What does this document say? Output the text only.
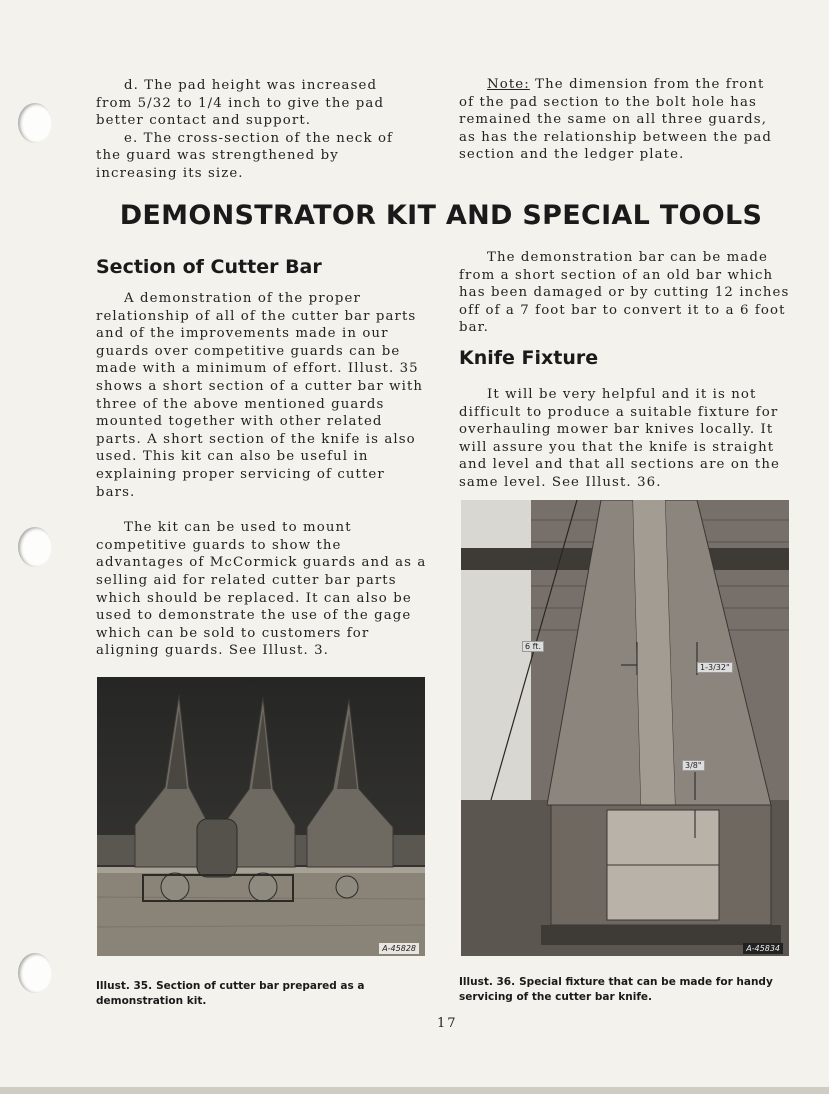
d. The pad height was increased from 5/32 to 1/4 inch to give the pad better contact and support.

e. The cross-section of the neck of the guard was strengthened by increasing its size.

Note: The dimension from the front of the pad section to the bolt hole has remained the same on all three guards, as has the relationship between the pad section and the ledger plate.

DEMONSTRATOR KIT AND SPECIAL TOOLS
Section of Cutter Bar

A demonstration of the proper relationship of all of the cutter bar parts and of the improvements made in our guards over competitive guards can be made with a minimum of effort. Illust. 35 shows a short section of a cutter bar with three of the above mentioned guards mounted together with other related parts. A short section of the knife is also used. This kit can also be useful in explaining proper servicing of cutter bars.

The kit can be used to mount competitive guards to show the advantages of McCormick guards and as a selling aid for related cutter bar parts which should be replaced. It can also be used to demonstrate the use of the gage which can be sold to customers for aligning guards. See Illust. 3.

The demonstration bar can be made from a short section of an old bar which has been damaged or by cutting 12 inches off of a 7 foot bar to convert it to a 6 foot bar.

Knife Fixture

It will be very helpful and it is not difficult to produce a suitable fixture for overhauling mower bar knives locally. It will assure you that the knife is straight and level and that all sections are on the same level. See Illust. 36.

A-45828
6 ft.
1-3/32"
3/8"
A-45834
Illust. 35. Section of cutter bar prepared as a demonstration kit.
Illust. 36. Special fixture that can be made for handy servicing of the cutter bar knife.
17
